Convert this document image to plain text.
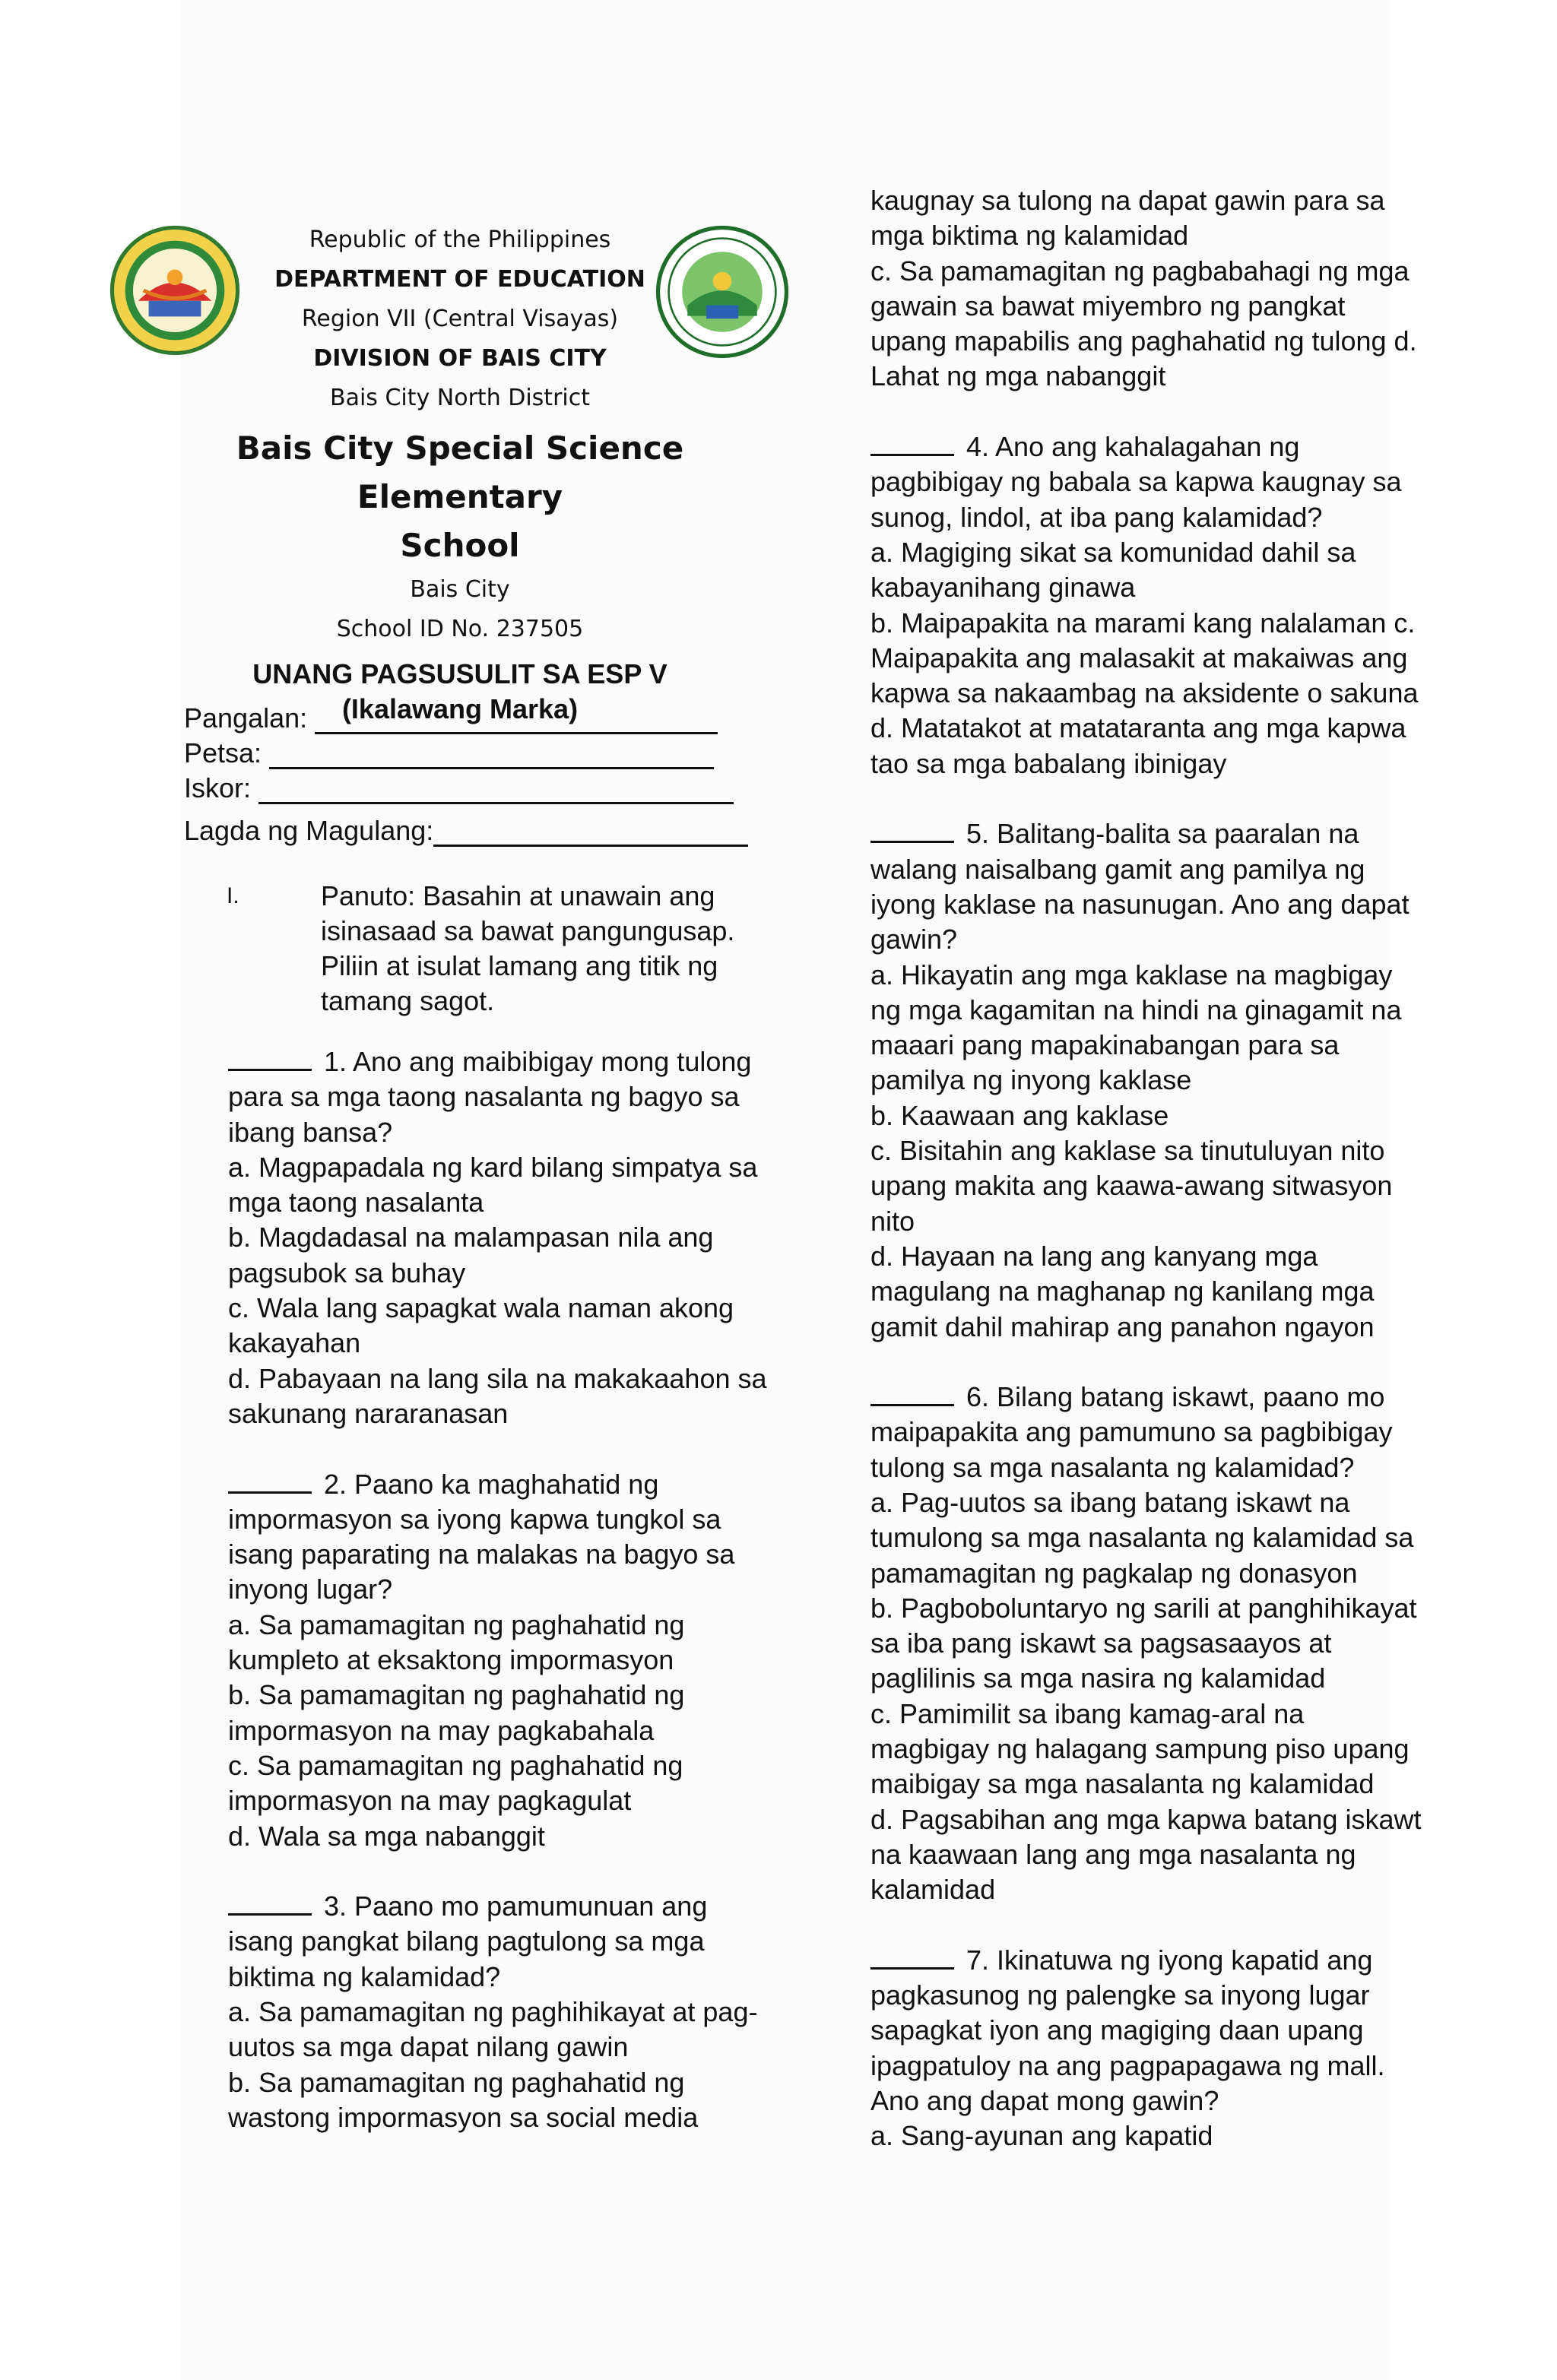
Republic of the Philippines
DEPARTMENT OF EDUCATION
Region VII (Central Visayas)
DIVISION OF BAIS CITY
Bais City North District
Bais City Special Science Elementary
School
Bais City
School ID No. 237505
UNANG PAGSUSULIT SA ESP V
(Ikalawang Marka)
Pangalan:
Petsa:
Iskor:
Lagda ng Magulang:
I.	Panuto: Basahin at unawain ang
isinasaad sa bawat pangungusap.
Piliin at isulat lamang ang titik ng
tamang sagot.
1. Ano ang maibibigay mong tulong
para sa mga taong nasalanta ng bagyo sa
ibang bansa?
a. Magpapadala ng kard bilang simpatya sa
mga taong nasalanta
b. Magdadasal na malampasan nila ang
pagsubok sa buhay
c. Wala lang sapagkat wala naman akong
kakayahan
d. Pabayaan na lang sila na makakaahon sa
sakunang nararanasan
2. Paano ka maghahatid ng
impormasyon sa iyong kapwa tungkol sa
isang paparating na malakas na bagyo sa
inyong lugar?
a. Sa pamamagitan ng paghahatid ng
kumpleto at eksaktong impormasyon
b. Sa pamamagitan ng paghahatid ng
impormasyon na may pagkabahala
c. Sa pamamagitan ng paghahatid ng
impormasyon na may pagkagulat
d. Wala sa mga nabanggit
3. Paano mo pamumunuan ang
isang pangkat bilang pagtulong sa mga
biktima ng kalamidad?
a. Sa pamamagitan ng paghihikayat at pag-
uutos sa mga dapat nilang gawin
b. Sa pamamagitan ng paghahatid ng
wastong impormasyon sa social media
kaugnay sa tulong na dapat gawin para sa
mga biktima ng kalamidad
c. Sa pamamagitan ng pagbabahagi ng mga
gawain sa bawat miyembro ng pangkat
upang mapabilis ang paghahatid ng tulong d.
Lahat ng mga nabanggit
4. Ano ang kahalagahan ng
pagbibigay ng babala sa kapwa kaugnay sa
sunog, lindol, at iba pang kalamidad?
a. Magiging sikat sa komunidad dahil sa
kabayanihang ginawa
b. Maipapakita na marami kang nalalaman c.
Maipapakita ang malasakit at makaiwas ang
kapwa sa nakaambag na aksidente o sakuna
d. Matatakot at matataranta ang mga kapwa
tao sa mga babalang ibinigay
5. Balitang-balita sa paaralan na
walang naisalbang gamit ang pamilya ng
iyong kaklase na nasunugan. Ano ang dapat
gawin?
a. Hikayatin ang mga kaklase na magbigay
ng mga kagamitan na hindi na ginagamit na
maaari pang mapakinabangan para sa
pamilya ng inyong kaklase
b. Kaawaan ang kaklase
c. Bisitahin ang kaklase sa tinutuluyan nito
upang makita ang kaawa-awang sitwasyon
nito
d. Hayaan na lang ang kanyang mga
magulang na maghanap ng kanilang mga
gamit dahil mahirap ang panahon ngayon
6. Bilang batang iskawt, paano mo
maipapakita ang pamumuno sa pagbibigay
tulong sa mga nasalanta ng kalamidad?
a. Pag-uutos sa ibang batang iskawt na
tumulong sa mga nasalanta ng kalamidad sa
pamamagitan ng pagkalap ng donasyon
b. Pagboboluntaryo ng sarili at panghihikayat
sa iba pang iskawt sa pagsasaayos at
paglilinis sa mga nasira ng kalamidad
c. Pamimilit sa ibang kamag-aral na
magbigay ng halagang sampung piso upang
maibigay sa mga nasalanta ng kalamidad
d. Pagsabihan ang mga kapwa batang iskawt
na kaawaan lang ang mga nasalanta ng
kalamidad
7. Ikinatuwa ng iyong kapatid ang
pagkasunog ng palengke sa inyong lugar
sapagkat iyon ang magiging daan upang
ipagpatuloy na ang pagpapagawa ng mall.
Ano ang dapat mong gawin?
a. Sang-ayunan ang kapatid
